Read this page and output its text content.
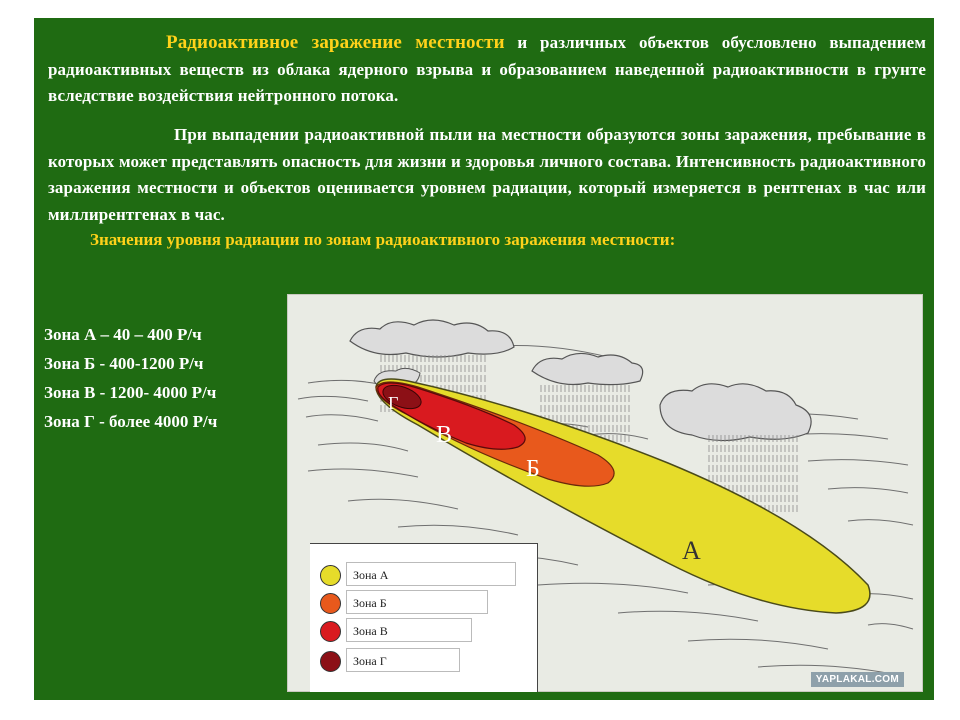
Радиоактивное заражение местности и различных объектов обусловлено выпадением радиоактивных веществ из облака ядерного взрыва и образованием наведенной радиоактивности в грунте вследствие воздействия нейтронного потока.
При выпадении радиоактивной пыли на местности образуются зоны заражения, пребывание в которых может представлять опасность для жизни и здоровья личного состава. Интенсивность радиоактивного заражения местности и объектов оценивается уровнем радиации, который измеряется в рентгенах в час или миллирентгенах в час.
Значения уровня радиации по зонам радиоактивного заражения местности:
Зона А – 40 – 400 Р/ч
Зона Б - 400-1200 Р/ч
Зона В - 1200- 4000 Р/ч
Зона Г - более 4000 Р/ч
В
Б
А
Г
Зона А
Зона Б
Зона В
Зона Г
YAPLAKAL.COM
